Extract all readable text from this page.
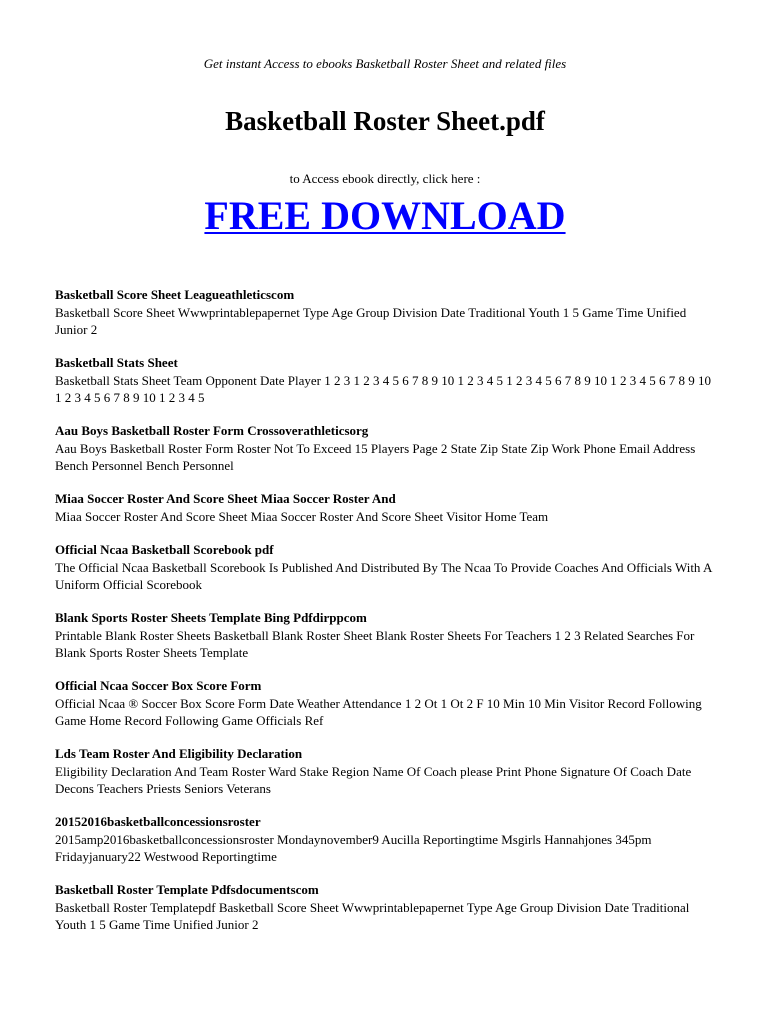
Get instant Access to ebooks Basketball Roster Sheet and related files
Basketball Roster Sheet.pdf
to Access ebook directly, click here :
FREE DOWNLOAD

Basketball Score Sheet Leagueathleticscom

Basketball Score Sheet Wwwprintablepapernet Type Age Group Division Date Traditional Youth 1 5 Game Time Unified Junior 2

Basketball Stats Sheet

Basketball Stats Sheet Team Opponent Date Player 1 2 3 1 2 3 4 5 6 7 8 9 10 1 2 3 4 5 1 2 3 4 5 6 7 8 9 10 1 2 3 4 5 6 7 8 9 10 1 2 3 4 5 6 7 8 9 10 1 2 3 4 5

Aau Boys Basketball Roster Form Crossoverathleticsorg

Aau Boys Basketball Roster Form Roster Not To Exceed 15 Players Page 2 State Zip State Zip Work Phone Email Address Bench Personnel Bench Personnel

Miaa Soccer Roster And Score Sheet Miaa Soccer Roster And

Miaa Soccer Roster And Score Sheet Miaa Soccer Roster And Score Sheet Visitor Home Team

Official Ncaa Basketball Scorebook pdf

The Official Ncaa Basketball Scorebook Is Published And Distributed By The Ncaa To Provide Coaches And Officials With A Uniform Official Scorebook

Blank Sports Roster Sheets Template Bing Pdfdirppcom

Printable Blank Roster Sheets Basketball Blank Roster Sheet Blank Roster Sheets For Teachers 1 2 3 Related Searches For Blank Sports Roster Sheets Template

Official Ncaa Soccer Box Score Form

Official Ncaa ® Soccer Box Score Form Date Weather Attendance 1 2 Ot 1 Ot 2 F 10 Min 10 Min Visitor Record Following Game Home Record Following Game Officials Ref

Lds Team Roster And Eligibility Declaration

Eligibility Declaration And Team Roster Ward Stake Region Name Of Coach please Print Phone Signature Of Coach Date Decons Teachers Priests Seniors Veterans

20152016basketballconcessionsroster

2015amp2016basketballconcessionsroster Mondaynovember9 Aucilla Reportingtime Msgirls Hannahjones 345pm Fridayjanuary22 Westwood Reportingtime

Basketball Roster Template Pdfsdocumentscom

Basketball Roster Templatepdf Basketball Score Sheet Wwwprintablepapernet Type Age Group Division Date Traditional Youth 1 5 Game Time Unified Junior 2
